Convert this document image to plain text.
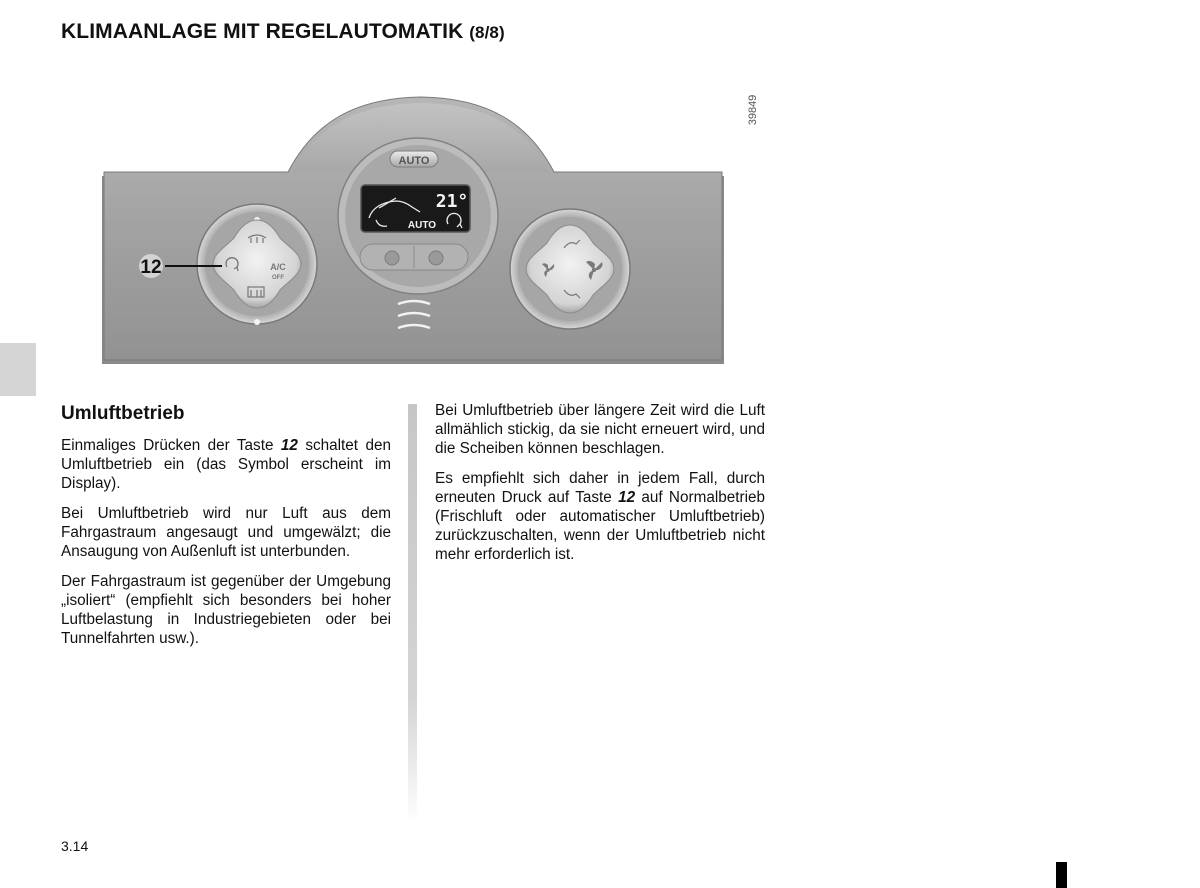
KLIMAANLAGE MIT REGELAUTOMATIK (8/8)
AUTO
21°
AUTO
A/C
OFF
12
39849
Umluftbetrieb

Einmaliges Drücken der Taste 12 schaltet den Umluftbetrieb ein (das Symbol erscheint im Display).

Bei Umluftbetrieb wird nur Luft aus dem Fahrgastraum angesaugt und umgewälzt; die Ansaugung von Außenluft ist unterbunden.

Der Fahrgastraum ist gegenüber der Umgebung „isoliert“ (empfiehlt sich besonders bei hoher Luftbelastung in Industriegebieten oder bei Tunnelfahrten usw.).

Bei Umluftbetrieb über längere Zeit wird die Luft allmählich stickig, da sie nicht erneuert wird, und die Scheiben können beschlagen.

Es empfiehlt sich daher in jedem Fall, durch erneuten Druck auf Taste 12 auf Normalbetrieb (Frischluft oder automatischer Umluftbetrieb) zurückzuschalten, wenn der Umluftbetrieb nicht mehr erforderlich ist.

3.14
